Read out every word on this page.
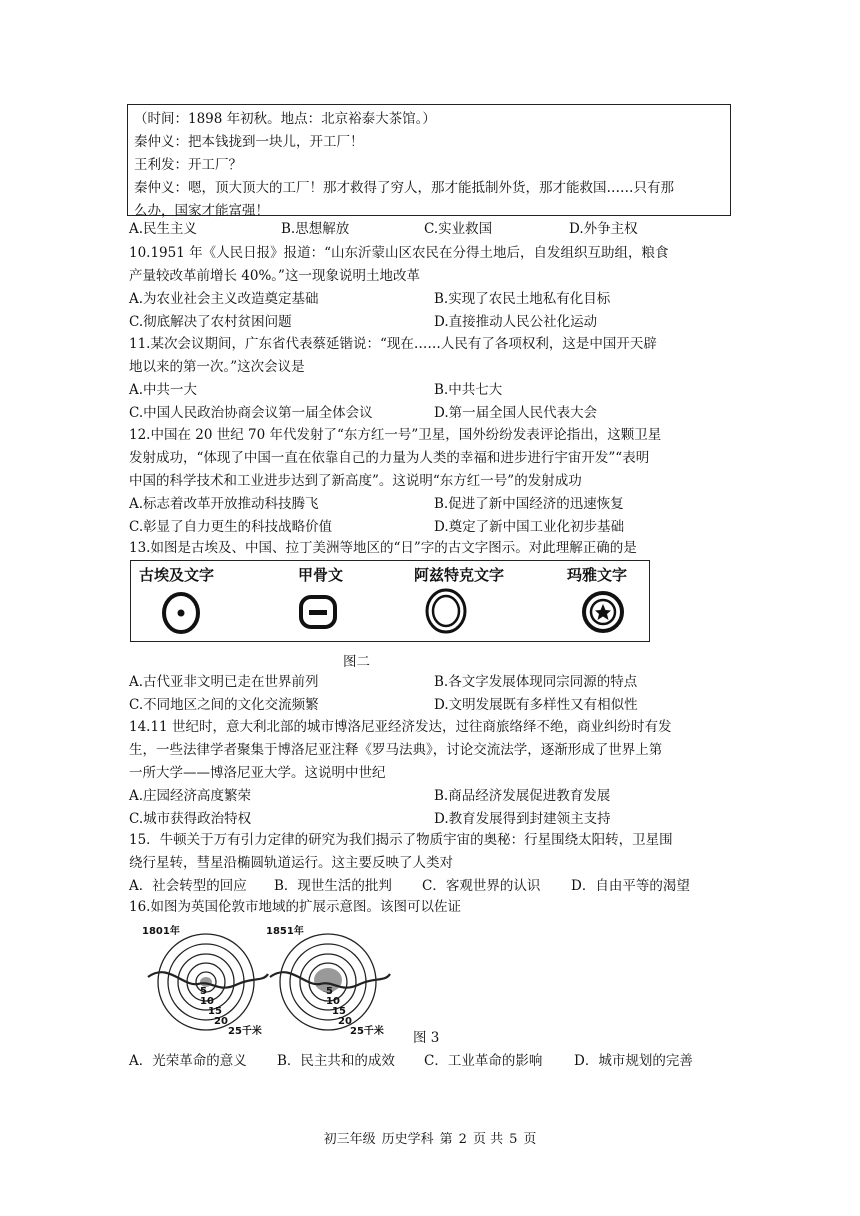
（时间：1898 年初秋。地点：北京裕泰大茶馆。）
秦仲义：把本钱拢到一块儿，开工厂！
王利发：开工厂？
秦仲义：嗯，顶大顶大的工厂！那才救得了穷人，那才能抵制外货，那才能救国……只有那
么办，国家才能富强！
A.民生主义	B.思想解放	C.实业救国	D.外争主权
10.1951 年《人民日报》报道：“山东沂蒙山区农民在分得土地后，自发组织互助组，粮食
产量较改革前增长 40%。”这一现象说明土地改革
A.为农业社会主义改造奠定基础	B.实现了农民土地私有化目标
C.彻底解决了农村贫困问题	D.直接推动人民公社化运动
11.某次会议期间，广东省代表蔡延锴说：“现在……人民有了各项权利，这是中国开天辟
地以来的第一次。”这次会议是
A.中共一大	B.中共七大
C.中国人民政治协商会议第一届全体会议	D.第一届全国人民代表大会
12.中国在 20 世纪 70 年代发射了“东方红一号”卫星，国外纷纷发表评论指出，这颗卫星
发射成功，“体现了中国一直在依靠自己的力量为人类的幸福和进步进行宇宙开发”“表明
中国的科学技术和工业进步达到了新高度”。这说明“东方红一号”的发射成功
A.标志着改革开放推动科技腾飞	B.促进了新中国经济的迅速恢复
C.彰显了自力更生的科技战略价值	D.奠定了新中国工业化初步基础
13.如图是古埃及、中国、拉丁美洲等地区的“日”字的古文字图示。对此理解正确的是
古埃及文字	甲骨文	阿兹特克文字	玛雅文字
图二
A.古代亚非文明已走在世界前列	B.各文字发展体现同宗同源的特点
C.不同地区之间的文化交流频繁	D.文明发展既有多样性又有相似性
14.11 世纪时，意大利北部的城市博洛尼亚经济发达，过往商旅络绎不绝，商业纠纷时有发
生，一些法律学者聚集于博洛尼亚注释《罗马法典》，讨论交流法学，逐渐形成了世界上第
一所大学——博洛尼亚大学。这说明中世纪
A.庄园经济高度繁荣	B.商品经济发展促进教育发展
C.城市获得政治特权	D.教育发展得到封建领主支持
15．牛顿关于万有引力定律的研究为我们揭示了物质宇宙的奥秘：行星围绕太阳转，卫星围
绕行星转，彗星沿椭圆轨道运行。这主要反映了人类对
A．社会转型的回应	B．现世生活的批判	C．客观世界的认识	D．自由平等的渴望
16.如图为英国伦敦市地域的扩展示意图。该图可以佐证
1801年	1851年
5
10
15
20
25千米
5
10
15
20
25千米 图 3
A．光荣革命的意义	B．民主共和的成效	C．工业革命的影响	D．城市规划的完善
初三年级 历史学科 第 2 页 共 5 页
